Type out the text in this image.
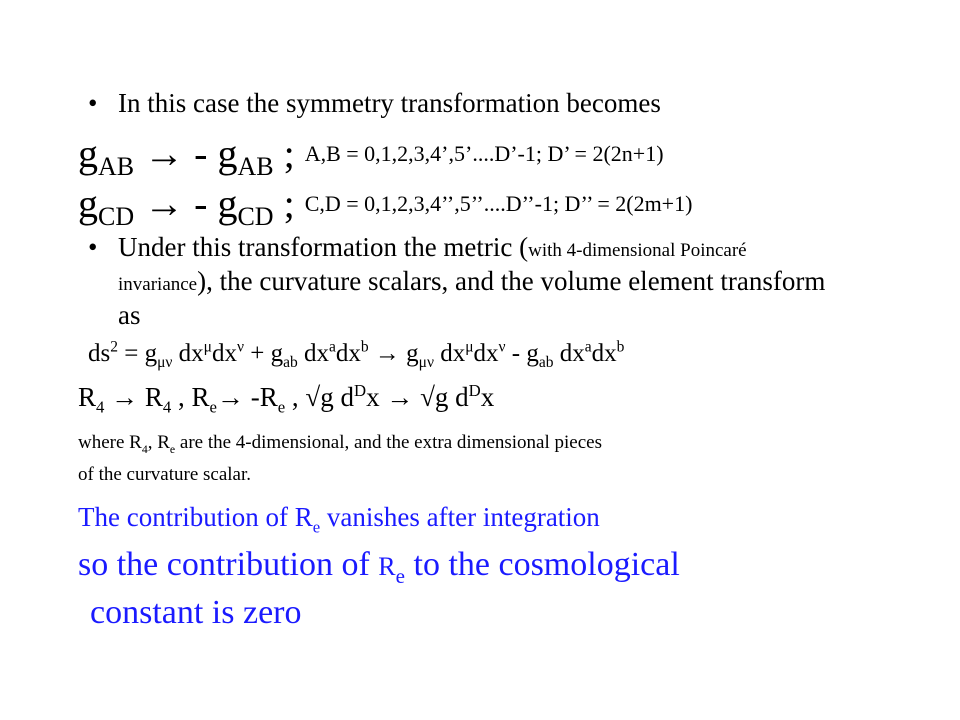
• In this case the symmetry transformation becomes
$g_{AB}$ → - $g_{AB}$ ; A,B = 0,1,2,3,4’,5’....D’-1; D’ = 2(2n+1)
$g_{CD}$ → - $g_{CD}$ ; C,D = 0,1,2,3,4’’,5’’....D’’-1; D’’ = 2(2m+1)
• Under this transformation the metric (with 4-dimensional Poincaré invariance), the curvature scalars, and the volume element transform as
$ds^2 = g_{\mu\nu}$ $dx^\mu dx^\nu + g_{ab}$ $dx^adx^b \to g_{\mu\nu}$ $dx^\mu dx^\nu - g_{ab}$ $dx^adx^b$
$R_4 \to R_4$ , $R_e\to -R_e$ , √g $d^Dx \to √g$ $d^Dx$
where $R_4$, $R_e$ are the 4-dimensional, and the extra dimensional pieces
of the curvature scalar.
The contribution of $R_e$ vanishes after integration
so the contribution of $R_e$ to the cosmological
constant is zero
